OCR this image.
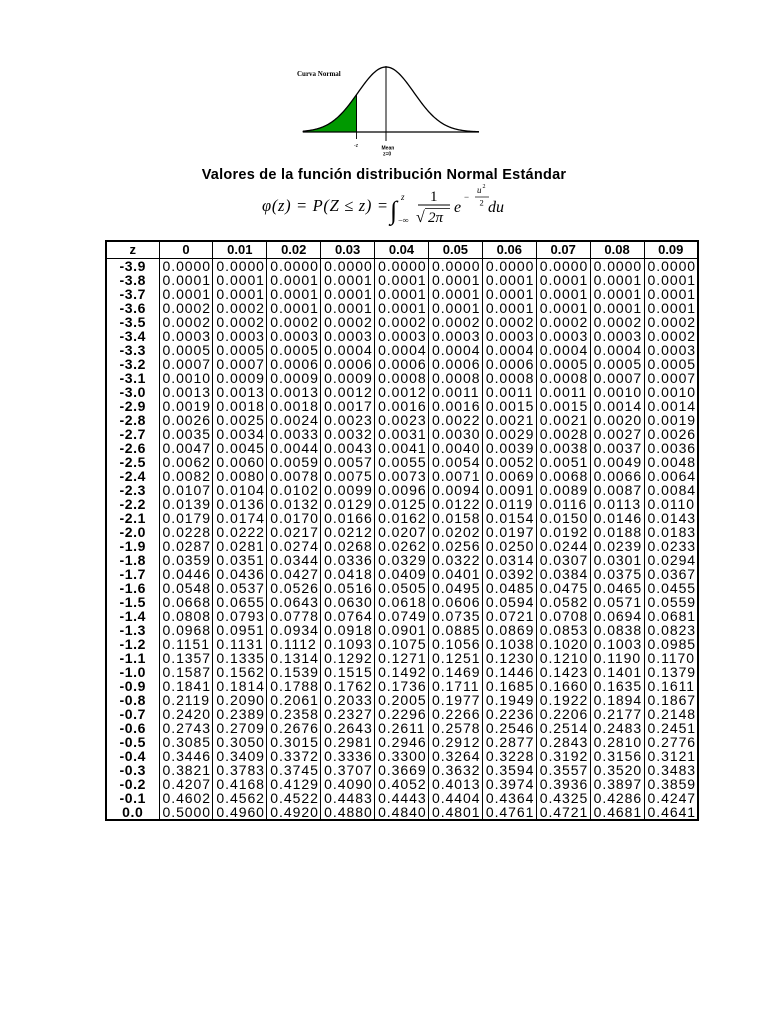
Curva Normal
-z	Mean
z=0
Valores de la función distribución Normal Estándar
φ(z) = P(Z ≤ z) = ∫ z
−∞
1
√ 2π
e
−
u 2
2 du
z	0	0.01	0.02	0.03	0.04	0.05	0.06	0.07	0.08	0.09
-3.9	0.0000	0.0000	0.0000	0.0000	0.0000	0.0000	0.0000	0.0000	0.0000	0.0000
-3.8	0.0001	0.0001	0.0001	0.0001	0.0001	0.0001	0.0001	0.0001	0.0001	0.0001
-3.7	0.0001	0.0001	0.0001	0.0001	0.0001	0.0001	0.0001	0.0001	0.0001	0.0001
-3.6	0.0002	0.0002	0.0001	0.0001	0.0001	0.0001	0.0001	0.0001	0.0001	0.0001
-3.5	0.0002	0.0002	0.0002	0.0002	0.0002	0.0002	0.0002	0.0002	0.0002	0.0002
-3.4	0.0003	0.0003	0.0003	0.0003	0.0003	0.0003	0.0003	0.0003	0.0003	0.0002
-3.3	0.0005	0.0005	0.0005	0.0004	0.0004	0.0004	0.0004	0.0004	0.0004	0.0003
-3.2	0.0007	0.0007	0.0006	0.0006	0.0006	0.0006	0.0006	0.0005	0.0005	0.0005
-3.1	0.0010	0.0009	0.0009	0.0009	0.0008	0.0008	0.0008	0.0008	0.0007	0.0007
-3.0	0.0013	0.0013	0.0013	0.0012	0.0012	0.0011	0.0011	0.0011	0.0010	0.0010
-2.9	0.0019	0.0018	0.0018	0.0017	0.0016	0.0016	0.0015	0.0015	0.0014	0.0014
-2.8	0.0026	0.0025	0.0024	0.0023	0.0023	0.0022	0.0021	0.0021	0.0020	0.0019
-2.7	0.0035	0.0034	0.0033	0.0032	0.0031	0.0030	0.0029	0.0028	0.0027	0.0026
-2.6	0.0047	0.0045	0.0044	0.0043	0.0041	0.0040	0.0039	0.0038	0.0037	0.0036
-2.5	0.0062	0.0060	0.0059	0.0057	0.0055	0.0054	0.0052	0.0051	0.0049	0.0048
-2.4	0.0082	0.0080	0.0078	0.0075	0.0073	0.0071	0.0069	0.0068	0.0066	0.0064
-2.3	0.0107	0.0104	0.0102	0.0099	0.0096	0.0094	0.0091	0.0089	0.0087	0.0084
-2.2	0.0139	0.0136	0.0132	0.0129	0.0125	0.0122	0.0119	0.0116	0.0113	0.0110
-2.1	0.0179	0.0174	0.0170	0.0166	0.0162	0.0158	0.0154	0.0150	0.0146	0.0143
-2.0	0.0228	0.0222	0.0217	0.0212	0.0207	0.0202	0.0197	0.0192	0.0188	0.0183
-1.9	0.0287	0.0281	0.0274	0.0268	0.0262	0.0256	0.0250	0.0244	0.0239	0.0233
-1.8	0.0359	0.0351	0.0344	0.0336	0.0329	0.0322	0.0314	0.0307	0.0301	0.0294
-1.7	0.0446	0.0436	0.0427	0.0418	0.0409	0.0401	0.0392	0.0384	0.0375	0.0367
-1.6	0.0548	0.0537	0.0526	0.0516	0.0505	0.0495	0.0485	0.0475	0.0465	0.0455
-1.5	0.0668	0.0655	0.0643	0.0630	0.0618	0.0606	0.0594	0.0582	0.0571	0.0559
-1.4	0.0808	0.0793	0.0778	0.0764	0.0749	0.0735	0.0721	0.0708	0.0694	0.0681
-1.3	0.0968	0.0951	0.0934	0.0918	0.0901	0.0885	0.0869	0.0853	0.0838	0.0823
-1.2	0.1151	0.1131	0.1112	0.1093	0.1075	0.1056	0.1038	0.1020	0.1003	0.0985
-1.1	0.1357	0.1335	0.1314	0.1292	0.1271	0.1251	0.1230	0.1210	0.1190	0.1170
-1.0	0.1587	0.1562	0.1539	0.1515	0.1492	0.1469	0.1446	0.1423	0.1401	0.1379
-0.9	0.1841	0.1814	0.1788	0.1762	0.1736	0.1711	0.1685	0.1660	0.1635	0.1611
-0.8	0.2119	0.2090	0.2061	0.2033	0.2005	0.1977	0.1949	0.1922	0.1894	0.1867
-0.7	0.2420	0.2389	0.2358	0.2327	0.2296	0.2266	0.2236	0.2206	0.2177	0.2148
-0.6	0.2743	0.2709	0.2676	0.2643	0.2611	0.2578	0.2546	0.2514	0.2483	0.2451
-0.5	0.3085	0.3050	0.3015	0.2981	0.2946	0.2912	0.2877	0.2843	0.2810	0.2776
-0.4	0.3446	0.3409	0.3372	0.3336	0.3300	0.3264	0.3228	0.3192	0.3156	0.3121
-0.3	0.3821	0.3783	0.3745	0.3707	0.3669	0.3632	0.3594	0.3557	0.3520	0.3483
-0.2	0.4207	0.4168	0.4129	0.4090	0.4052	0.4013	0.3974	0.3936	0.3897	0.3859
-0.1	0.4602	0.4562	0.4522	0.4483	0.4443	0.4404	0.4364	0.4325	0.4286	0.4247
0.0	0.5000	0.4960	0.4920	0.4880	0.4840	0.4801	0.4761	0.4721	0.4681	0.4641
